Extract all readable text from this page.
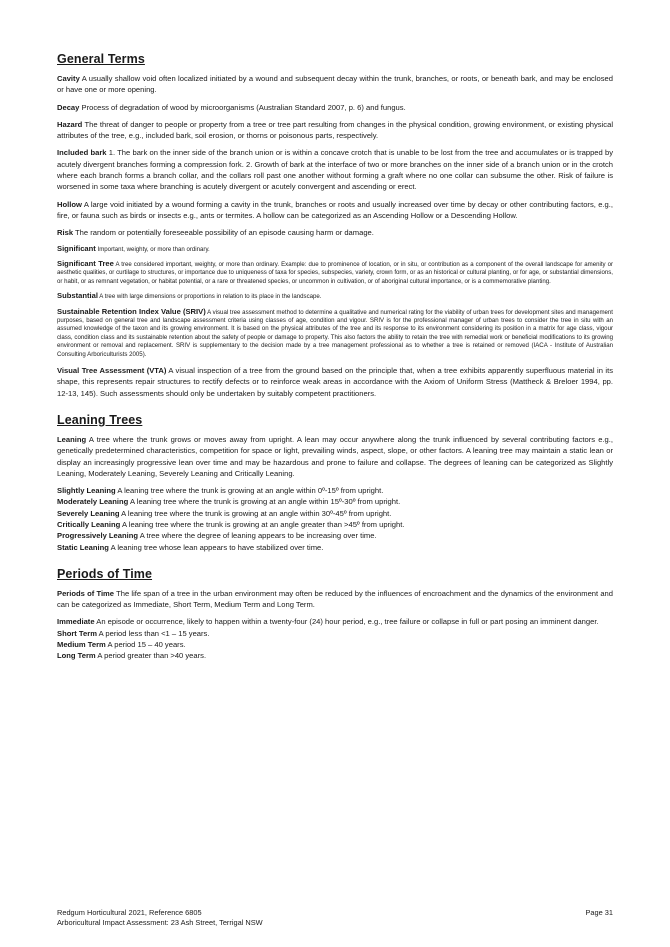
General Terms

Cavity A usually shallow void often localized initiated by a wound and subsequent decay within the trunk, branches, or roots, or beneath bark, and may be enclosed or have one or more opening.

Decay Process of degradation of wood by microorganisms (Australian Standard 2007, p. 6) and fungus.

Hazard The threat of danger to people or property from a tree or tree part resulting from changes in the physical condition, growing environment, or existing physical attributes of the tree, e.g., included bark, soil erosion, or thorns or poisonous parts, respectively.

Included bark 1. The bark on the inner side of the branch union or is within a concave crotch that is unable to be lost from the tree and accumulates or is trapped by acutely divergent branches forming a compression fork. 2. Growth of bark at the interface of two or more branches on the inner side of a branch union or in the crotch where each branch forms a branch collar, and the collars roll past one another without forming a graft where no one collar can subsume the other. Risk of failure is worsened in some taxa where branching is acutely divergent or acutely convergent and ascending or erect.

Hollow A large void initiated by a wound forming a cavity in the trunk, branches or roots and usually increased over time by decay or other contributing factors, e.g., fire, or fauna such as birds or insects e.g., ants or termites. A hollow can be categorized as an Ascending Hollow or a Descending Hollow.

Risk The random or potentially foreseeable possibility of an episode causing harm or damage.

Significant Important, weighty, or more than ordinary.

Significant Tree A tree considered important, weighty, or more than ordinary. Example: due to prominence of location, or in situ, or contribution as a component of the overall landscape for amenity or aesthetic qualities, or curtilage to structures, or importance due to uniqueness of taxa for species, subspecies, variety, crown form, or as an historical or cultural planting, or for age, or substantial dimensions, or habit, or as remnant vegetation, or habitat potential, or a rare or threatened species, or uncommon in cultivation, or of aboriginal cultural importance, or is a commemorative planting.

Substantial A tree with large dimensions or proportions in relation to its place in the landscape.

Sustainable Retention Index Value (SRIV) A visual tree assessment method to determine a qualitative and numerical rating for the viability of urban trees for development sites and management purposes, based on general tree and landscape assessment criteria using classes of age, condition and vigour. SRIV is for the professional manager of urban trees to consider the tree in situ with an assumed knowledge of the taxon and its growing environment. It is based on the physical attributes of the tree and its response to its environment considering its position in a matrix for age class, vigour class, condition class and its sustainable retention about the safety of people or damage to property. This also factors the ability to retain the tree with remedial work or beneficial modifications to its growing environment or removal and replacement. SRIV is supplementary to the decision made by a tree management professional as to whether a tree is retained or removed (IACA - Institute of Australian Consulting Arboriculturists 2005).

Visual Tree Assessment (VTA) A visual inspection of a tree from the ground based on the principle that, when a tree exhibits apparently superfluous material in its shape, this represents repair structures to rectify defects or to reinforce weak areas in accordance with the Axiom of Uniform Stress (Mattheck & Breloer 1994, pp. 12-13, 145). Such assessments should only be undertaken by suitably competent practitioners.

Leaning Trees

Leaning A tree where the trunk grows or moves away from upright. A lean may occur anywhere along the trunk influenced by several contributing factors e.g., genetically predetermined characteristics, competition for space or light, prevailing winds, aspect, slope, or other factors. A leaning tree may maintain a static lean or display an increasingly progressive lean over time and may be hazardous and prone to failure and collapse. The degrees of leaning can be categorized as Slightly Leaning, Moderately Leaning, Severely Leaning and Critically Leaning.

Slightly Leaning A leaning tree where the trunk is growing at an angle within 0º-15º from upright.

Moderately Leaning A leaning tree where the trunk is growing at an angle within 15º-30º from upright.

Severely Leaning A leaning tree where the trunk is growing at an angle within 30º-45º from upright.

Critically Leaning A leaning tree where the trunk is growing at an angle greater than >45º from upright.

Progressively Leaning A tree where the degree of leaning appears to be increasing over time.

Static Leaning A leaning tree whose lean appears to have stabilized over time.

Periods of Time

Periods of Time The life span of a tree in the urban environment may often be reduced by the influences of encroachment and the dynamics of the environment and can be categorized as Immediate, Short Term, Medium Term and Long Term.

Immediate An episode or occurrence, likely to happen within a twenty-four (24) hour period, e.g., tree failure or collapse in full or part posing an imminent danger.

Short Term A period less than <1 – 15 years.

Medium Term A period 15 – 40 years.

Long Term A period greater than >40 years.

Redgum Horticultural 2021, Reference 6805
Arboricultural Impact Assessment: 23 Ash Street, Terrigal NSW
Page 31
